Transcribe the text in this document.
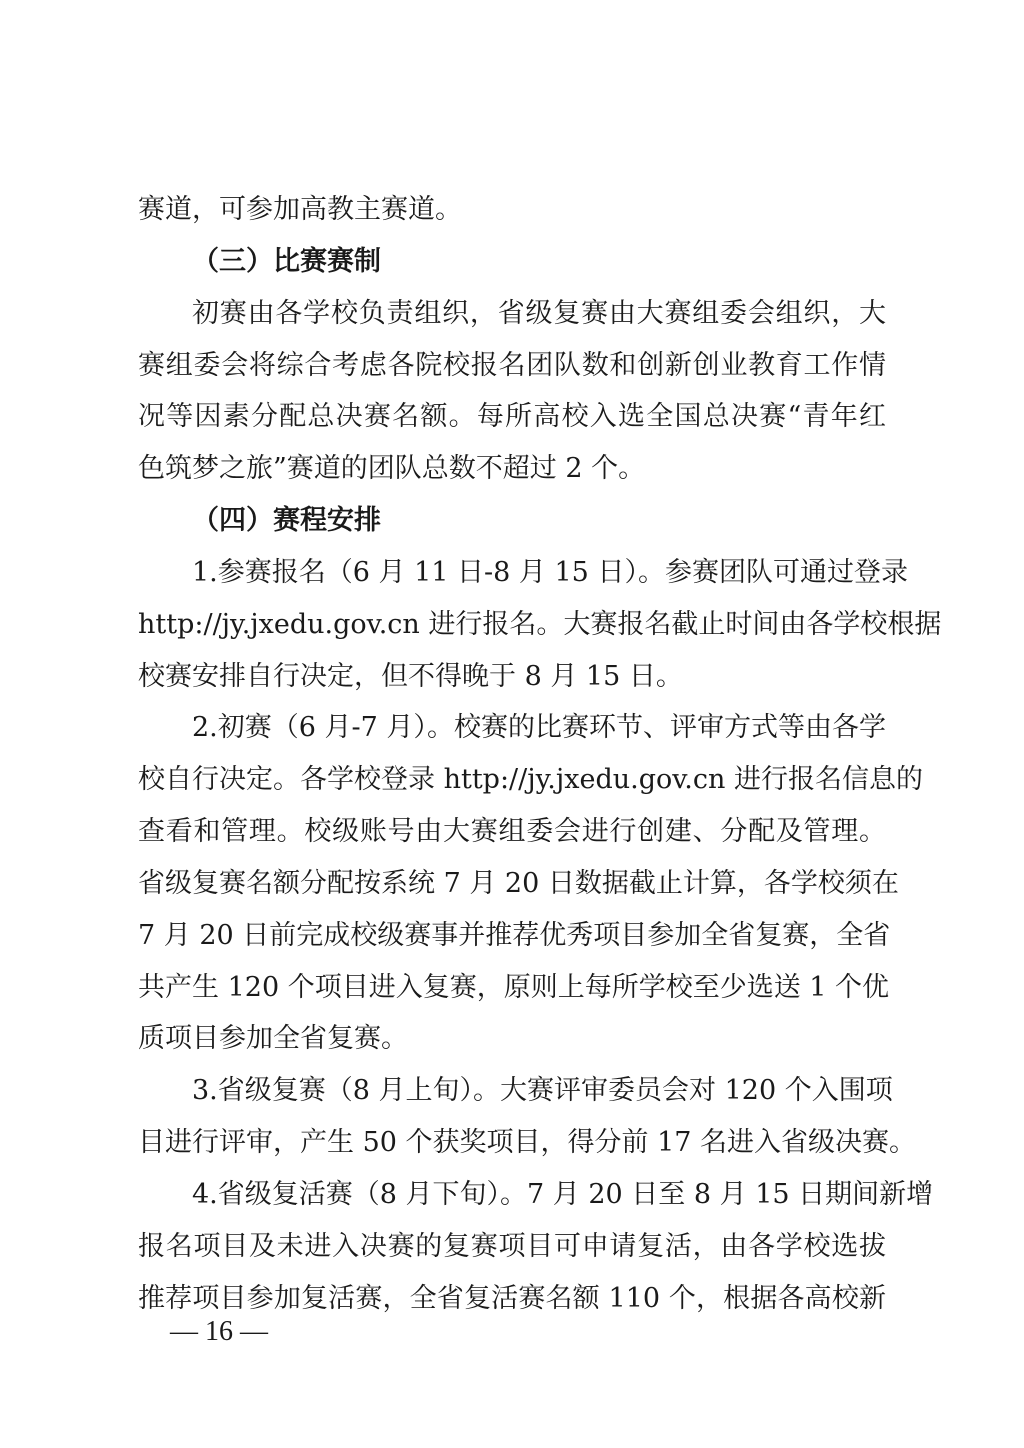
赛道，可参加高教主赛道。
（三）比赛赛制
初赛由各学校负责组织，省级复赛由大赛组委会组织，大
赛组委会将综合考虑各院校报名团队数和创新创业教育工作情
况等因素分配总决赛名额。每所高校入选全国总决赛“青年红
色筑梦之旅”赛道的团队总数不超过 2 个。
（四）赛程安排
1.参赛报名（6 月 11 日-8 月 15 日）。参赛团队可通过登录
http://jy.jxedu.gov.cn 进行报名。大赛报名截止时间由各学校根据
校赛安排自行决定，但不得晚于 8 月 15 日。
2.初赛（6 月-7 月）。校赛的比赛环节、评审方式等由各学
校自行决定。各学校登录 http://jy.jxedu.gov.cn 进行报名信息的
查看和管理。校级账号由大赛组委会进行创建、分配及管理。
省级复赛名额分配按系统 7 月 20 日数据截止计算，各学校须在
7 月 20 日前完成校级赛事并推荐优秀项目参加全省复赛，全省
共产生 120 个项目进入复赛，原则上每所学校至少选送 1 个优
质项目参加全省复赛。
3.省级复赛（8 月上旬）。大赛评审委员会对 120 个入围项
目进行评审，产生 50 个获奖项目，得分前 17 名进入省级决赛。
4.省级复活赛（8 月下旬）。7 月 20 日至 8 月 15 日期间新增
报名项目及未进入决赛的复赛项目可申请复活，由各学校选拔
推荐项目参加复活赛，全省复活赛名额 110 个，根据各高校新
— 16 —
